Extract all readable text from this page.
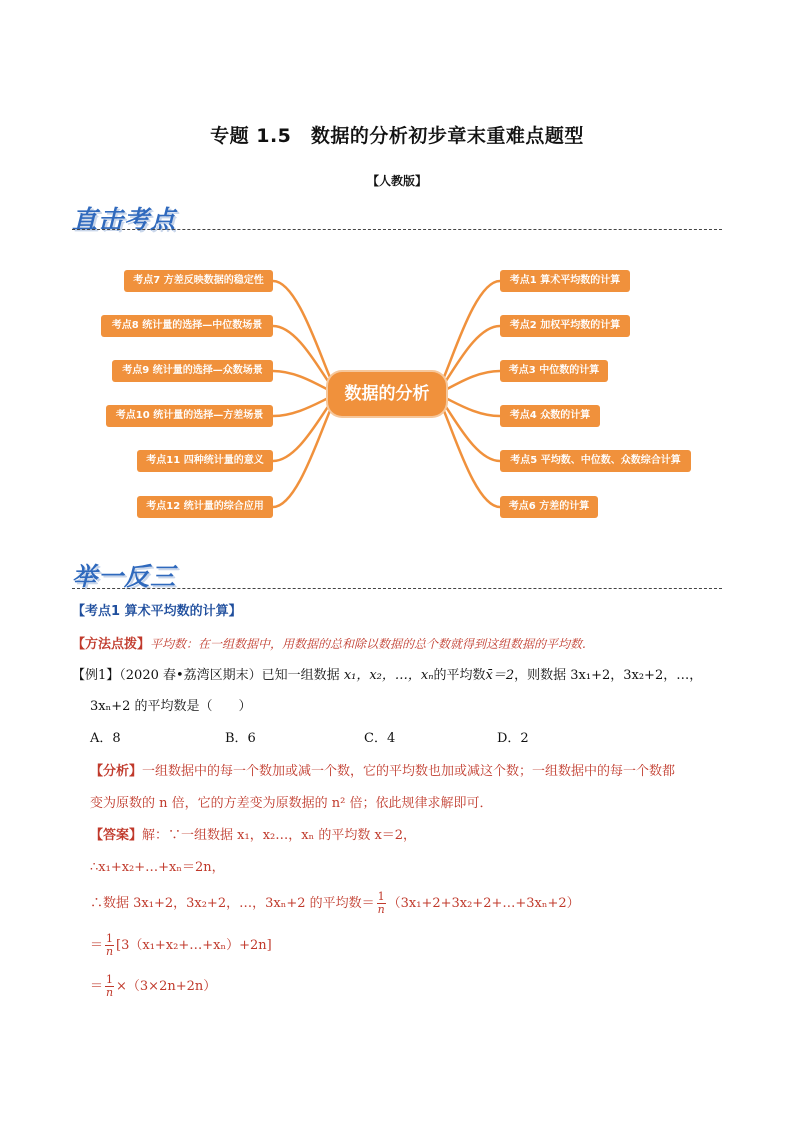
专题 1.5　数据的分析初步章末重难点题型
【人教版】
直击考点
数据的分析
考点7 方差反映数据的稳定性
考点8 统计量的选择—中位数场景
考点9 统计量的选择—众数场景
考点10 统计量的选择—方差场景
考点11 四种统计量的意义
考点12 统计量的综合应用
考点1 算术平均数的计算
考点2 加权平均数的计算
考点3 中位数的计算
考点4 众数的计算
考点5 平均数、中位数、众数综合计算
考点6 方差的计算
举一反三
【考点1 算术平均数的计算】
【方法点拨】平均数：在一组数据中，用数据的总和除以数据的总个数就得到这组数据的平均数.
【例1】（2020 春•荔湾区期末）已知一组数据 x₁，x₂，…，xₙ的平均数x̄＝2，则数据 3x₁+2，3x₂+2，…，
3xₙ+2 的平均数是（　　）
A．8	B．6	C．4	D．2
【分析】一组数据中的每一个数加或减一个数，它的平均数也加或减这个数；一组数据中的每一个数都
变为原数的 n 倍，它的方差变为原数据的 n² 倍；依此规律求解即可．
【答案】解：∵一组数据 x₁，x₂…，xₙ 的平均数 x＝2，
∴x₁+x₂+…+xₙ＝2n，
∴数据 3x₁+2，3x₂+2，…，3xₙ+2 的平均数＝ $\frac{1}{n}$ （3x₁+2+3x₂+2+…+3xₙ+2）
＝ $\frac{1}{n}$ [3（x₁+x₂+…+xₙ）+2n]
＝ $\frac{1}{n} \times(3\times 2n+2n)$
